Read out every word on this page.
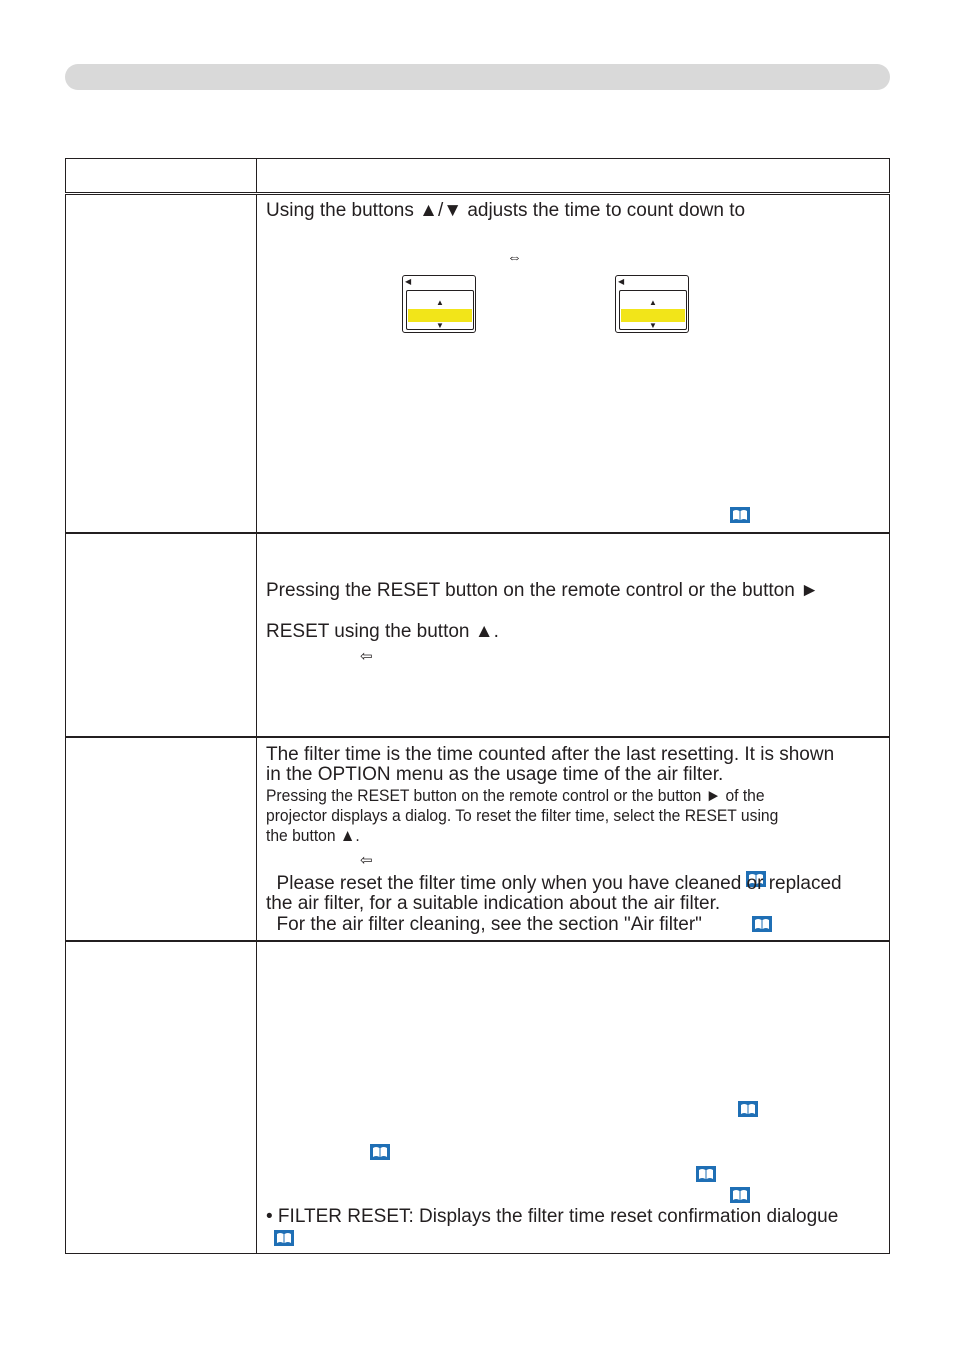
Using the buttons ▲/▼ adjusts the time to count down to
⇔
◀
▲
▼
◀
▲
▼
Pressing the RESET button on the remote control or the button ►
RESET using the button ▲.
⇦
The filter time is the time counted after the last resetting. It is shown
in the OPTION menu as the usage time of the air filter.
Pressing the RESET button on the remote control or the button ► of the
projector displays a dialog. To reset the filter time, select the RESET using
the button ▲.
⇦
Please reset the filter time only when you have cleaned or replaced
the air filter, for a suitable indication about the air filter.
For the air filter cleaning, see the section "Air filter"
• FILTER RESET: Displays the filter time reset confirmation dialogue
